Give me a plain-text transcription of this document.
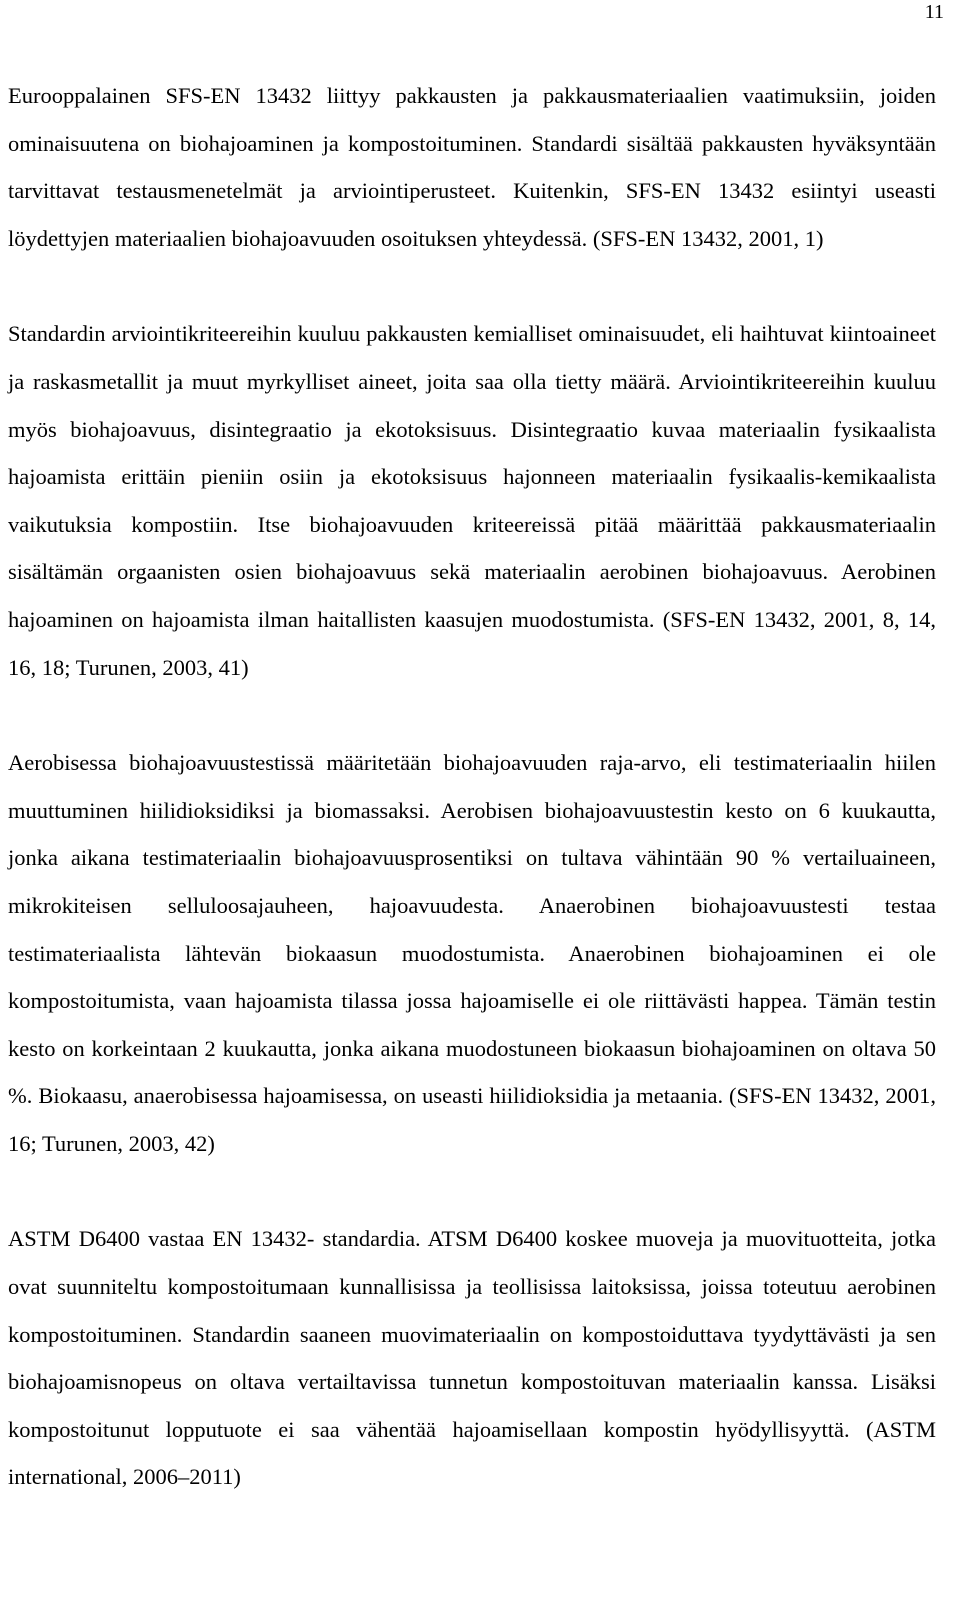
11

Eurooppalainen SFS-EN 13432 liittyy pakkausten ja pakkausmateriaalien vaatimuksiin, joiden ominaisuutena on biohajoaminen ja kompostoituminen. Standardi sisältää pakkausten hyväksyntään tarvittavat testausmenetelmät ja arviointiperusteet. Kuitenkin, SFS-EN 13432 esiintyi useasti löydettyjen materiaalien biohajoavuuden osoituksen yhteydessä. (SFS-EN 13432, 2001, 1)

Standardin arviointikriteereihin kuuluu pakkausten kemialliset ominaisuudet, eli haihtuvat kiintoaineet ja raskasmetallit ja muut myrkylliset aineet, joita saa olla tietty määrä. Arviointikriteereihin kuuluu myös biohajoavuus, disintegraatio ja ekotoksisuus. Disintegraatio kuvaa materiaalin fysikaalista hajoamista erittäin pieniin osiin ja ekotoksisuus hajonneen materiaalin fysikaalis-kemikaalista vaikutuksia kompostiin. Itse biohajoavuuden kriteereissä pitää määrittää pakkausmateriaalin sisältämän orgaanisten osien biohajoavuus sekä materiaalin aerobinen biohajoavuus. Aerobinen hajoaminen on hajoamista ilman haitallisten kaasujen muodostumista. (SFS-EN 13432, 2001, 8, 14, 16, 18; Turunen, 2003, 41)

Aerobisessa biohajoavuustestissä määritetään biohajoavuuden raja-arvo, eli testimateriaalin hiilen muuttuminen hiilidioksidiksi ja biomassaksi. Aerobisen biohajoavuustestin kesto on 6 kuukautta, jonka aikana testimateriaalin biohajoavuusprosentiksi on tultava vähintään 90 % vertailuaineen, mikrokiteisen selluloosajauheen, hajoavuudesta. Anaerobinen biohajoavuustesti testaa testimateriaalista lähtevän biokaasun muodostumista. Anaerobinen biohajoaminen ei ole kompostoitumista, vaan hajoamista tilassa jossa hajoamiselle ei ole riittävästi happea. Tämän testin kesto on korkeintaan 2 kuukautta, jonka aikana muodostuneen biokaasun biohajoaminen on oltava 50 %. Biokaasu, anaerobisessa hajoamisessa, on useasti hiilidioksidia ja metaania. (SFS-EN 13432, 2001, 16; Turunen, 2003, 42)

ASTM D6400 vastaa EN 13432- standardia. ATSM D6400 koskee muoveja ja muovituotteita, jotka ovat suunniteltu kompostoitumaan kunnallisissa ja teollisissa laitoksissa, joissa toteutuu aerobinen kompostoituminen. Standardin saaneen muovimateriaalin on kompostoiduttava tyydyttävästi ja sen biohajoamisnopeus on oltava vertailtavissa tunnetun kompostoituvan materiaalin kanssa. Lisäksi kompostoitunut lopputuote ei saa vähentää hajoamisellaan kompostin hyödyllisyyttä. (ASTM international, 2006–2011)
